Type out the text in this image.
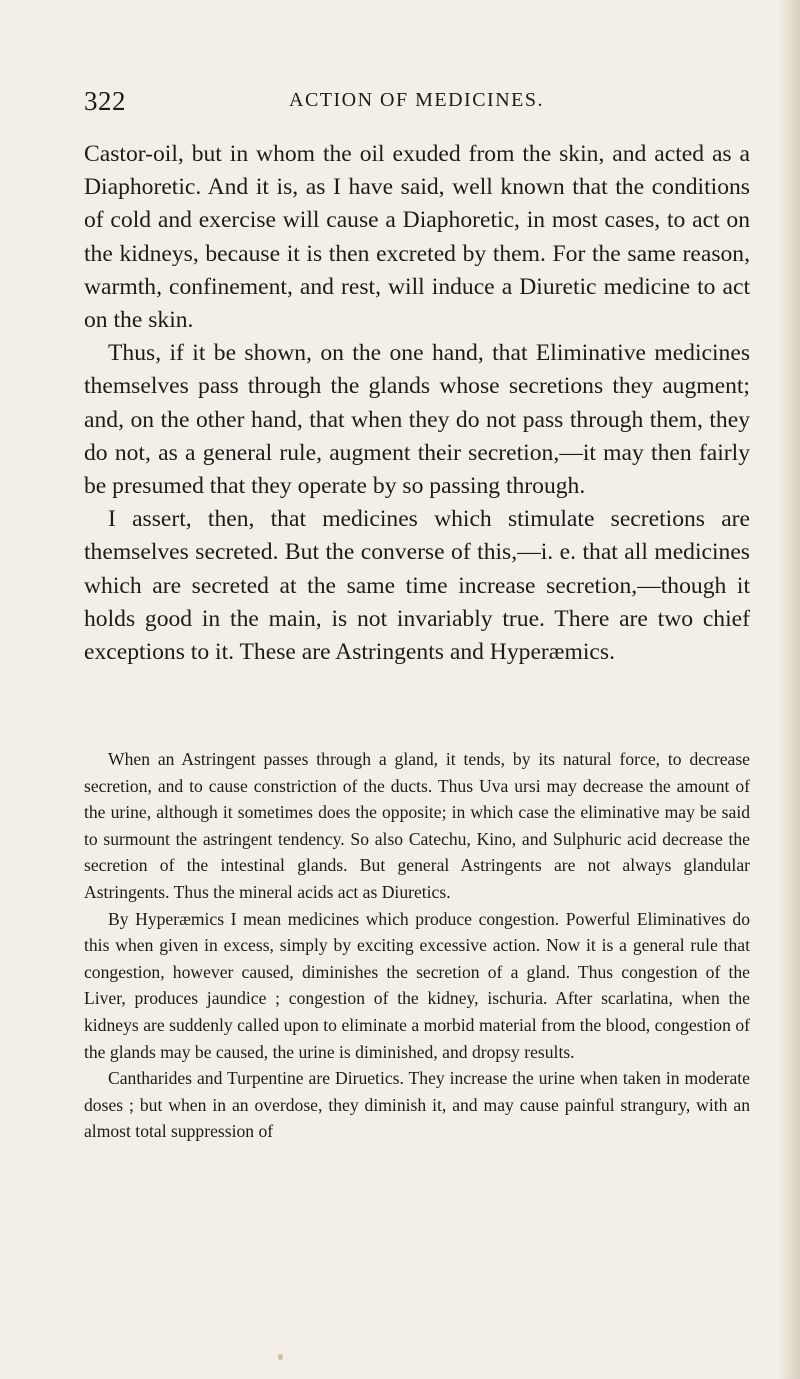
322	ACTION OF MEDICINES.

Castor-oil, but in whom the oil exuded from the skin, and acted as a Diaphoretic. And it is, as I have said, well known that the conditions of cold and exercise will cause a Diaphoretic, in most cases, to act on the kidneys, because it is then excreted by them. For the same reason, warmth, confinement, and rest, will induce a Diuretic medicine to act on the skin.

Thus, if it be shown, on the one hand, that Eliminative medicines themselves pass through the glands whose secretions they augment; and, on the other hand, that when they do not pass through them, they do not, as a general rule, augment their secretion,—it may then fairly be presumed that they operate by so passing through.

I assert, then, that medicines which stimulate secretions are themselves secreted. But the converse of this,—i. e. that all medicines which are secreted at the same time increase secretion,—though it holds good in the main, is not invariably true. There are two chief exceptions to it. These are Astringents and Hyperæmics.

When an Astringent passes through a gland, it tends, by its natural force, to decrease secretion, and to cause constriction of the ducts. Thus Uva ursi may decrease the amount of the urine, although it sometimes does the opposite; in which case the eliminative may be said to surmount the astringent tendency. So also Catechu, Kino, and Sulphuric acid decrease the secretion of the intestinal glands. But general Astringents are not always glandular Astringents. Thus the mineral acids act as Diuretics.

By Hyperæmics I mean medicines which produce congestion. Powerful Eliminatives do this when given in excess, simply by exciting excessive action. Now it is a general rule that congestion, however caused, diminishes the secretion of a gland. Thus congestion of the Liver, produces jaundice ; congestion of the kidney, ischuria. After scarlatina, when the kidneys are suddenly called upon to eliminate a morbid material from the blood, congestion of the glands may be caused, the urine is diminished, and dropsy results.

Cantharides and Turpentine are Diruetics. They increase the urine when taken in moderate doses ; but when in an overdose, they diminish it, and may cause painful strangury, with an almost total suppression of
